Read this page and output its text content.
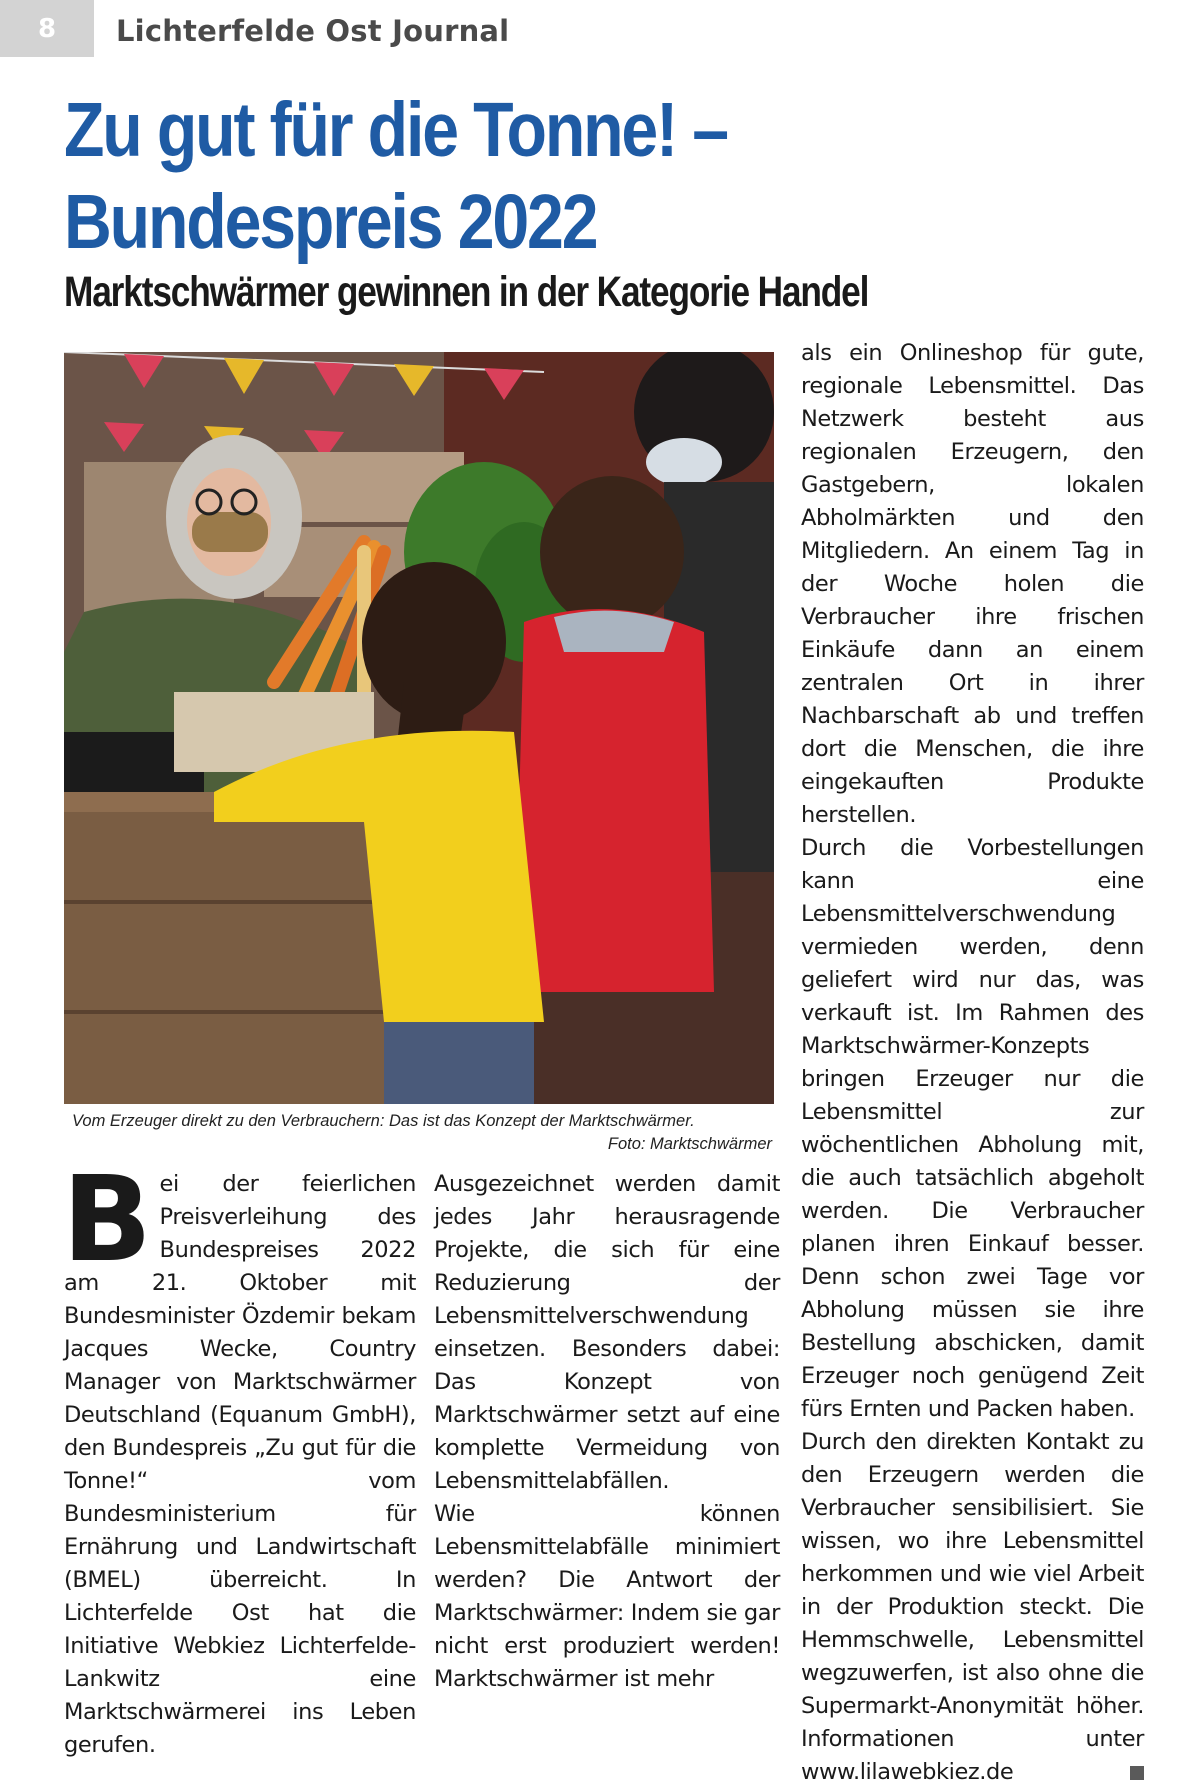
8	Lichterfelde Ost Journal
Zu gut für die Tonne! –
Bundespreis 2022
Marktschwärmer gewinnen in der Kategorie Handel
Vom Erzeuger direkt zu den Verbrauchern: Das ist das Konzept der Marktschwärmer.
Foto: Marktschwärmer
B ei der feierlichen Preisverleihung des Bundespreises 2022 am 21. Oktober mit Bundesminister Özdemir bekam Jacques Wecke, Country Manager von Marktschwärmer Deutschland (Equanum GmbH), den Bundespreis „Zu gut für die Tonne!“ vom Bundesministerium für Ernährung und Landwirtschaft (BMEL) überreicht. In Lichterfelde Ost hat die Initiative Webkiez Lichterfelde-Lankwitz eine Marktschwärmerei ins Leben gerufen.
Ausgezeichnet werden damit jedes Jahr herausragende Projekte, die sich für eine Reduzierung der Lebensmittelverschwendung einsetzen. Besonders dabei: Das Konzept von Marktschwärmer setzt auf eine komplette Vermeidung von Lebensmittelabfällen.
Wie können Lebensmittelabfälle minimiert werden? Die Antwort der Marktschwärmer: Indem sie gar nicht erst produziert werden! Marktschwärmer ist mehr
als ein Onlineshop für gute, regionale Lebensmittel. Das Netzwerk besteht aus regionalen Erzeugern, den Gastgebern, lokalen Abholmärkten und den Mitgliedern. An einem Tag in der Woche holen die Verbraucher ihre frischen Einkäufe dann an einem zentralen Ort in ihrer Nachbarschaft ab und treffen dort die Menschen, die ihre eingekauften Produkte herstellen.
Durch die Vorbestellungen kann eine Lebensmittelverschwendung vermieden werden, denn geliefert wird nur das, was verkauft ist. Im Rahmen des Marktschwärmer-Konzepts bringen Erzeuger nur die Lebensmittel zur wöchentlichen Abholung mit, die auch tatsächlich abgeholt werden. Die Verbraucher planen ihren Einkauf besser. Denn schon zwei Tage vor Abholung müssen sie ihre Bestellung abschicken, damit Erzeuger noch genügend Zeit fürs Ernten und Packen haben.
Durch den direkten Kontakt zu den Erzeugern werden die Verbraucher sensibilisiert. Sie wissen, wo ihre Lebensmittel herkommen und wie viel Arbeit in der Produktion steckt. Die Hemmschwelle, Lebensmittel wegzuwerfen, ist also ohne die Supermarkt-Anonymität höher. Informationen unter www.lilawebkiez.de
